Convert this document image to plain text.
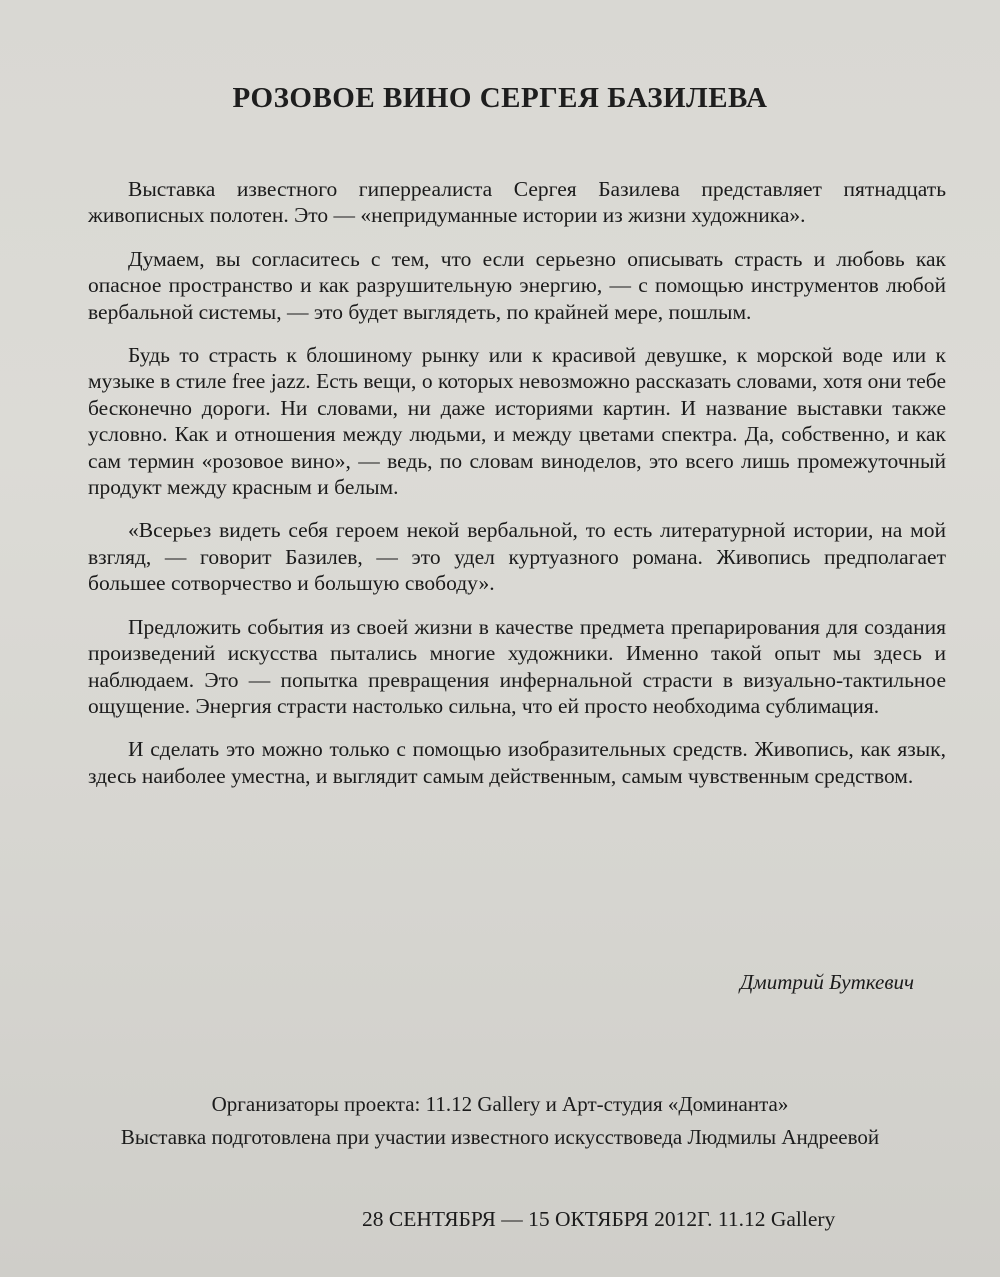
РОЗОВОЕ ВИНО СЕРГЕЯ БАЗИЛЕВА

Выставка известного гиперреалиста Сергея Базилева представляет пятнадцать живописных полотен. Это — «непридуманные истории из жизни художника».

Думаем, вы согласитесь с тем, что если серьезно описывать страсть и любовь как опасное пространство и как разрушительную энергию, — с помощью инструментов любой вербальной системы, — это будет выглядеть, по крайней мере, пошлым.

Будь то страсть к блошиному рынку или к красивой девушке, к морской воде или к музыке в стиле free jazz. Есть вещи, о которых невозможно рассказать словами, хотя они тебе бесконечно дороги. Ни словами, ни даже историями картин. И название выставки также условно. Как и отношения между людьми, и между цветами спектра. Да, собственно, и как сам термин «розовое вино», — ведь, по словам виноделов, это всего лишь промежуточный продукт между красным и белым.

«Всерьез видеть себя героем некой вербальной, то есть литературной истории, на мой взгляд, — говорит Базилев, — это удел куртуазного романа. Живопись предполагает большее сотворчество и большую свободу».

Предложить события из своей жизни в качестве предмета препарирования для создания произведений искусства пытались многие художники. Именно такой опыт мы здесь и наблюдаем. Это — попытка превращения инфернальной страсти в визуально-тактильное ощущение. Энергия страсти настолько сильна, что ей просто необходима сублимация.

И сделать это можно только с помощью изобразительных средств. Живопись, как язык, здесь наиболее уместна, и выглядит самым действенным, самым чувственным средством.

Дмитрий Буткевич

Организаторы проекта: 11.12 Gallery и Арт-студия «Доминанта»
Выставка подготовлена при участии известного искусствоведа Людмилы Андреевой

28 СЕНТЯБРЯ — 15 ОКТЯБРЯ 2012Г. 11.12 Gallery
